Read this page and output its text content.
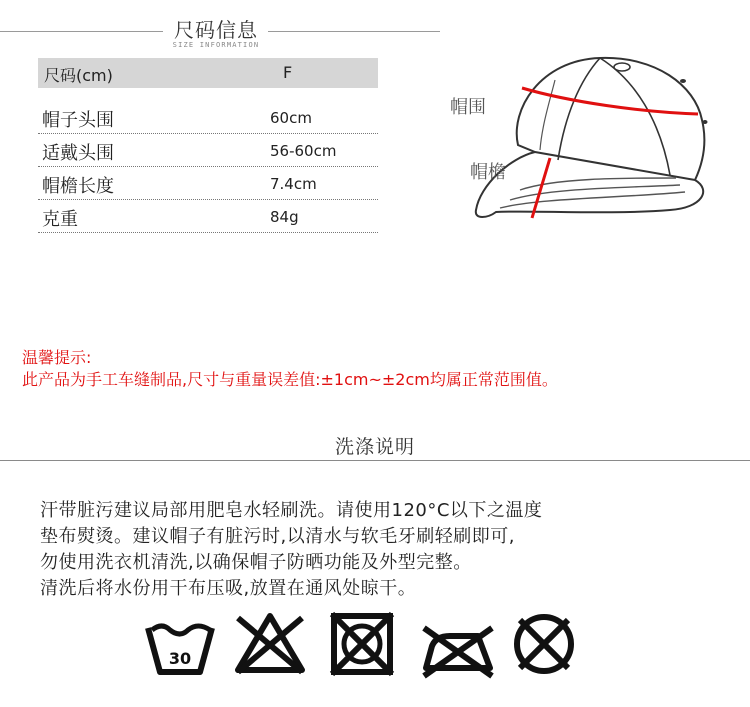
尺码信息
SIZE INFORMATION
尺码(cm)	F
帽子头围	60cm
适戴头围	56-60cm
帽檐长度	7.4cm
克重	84g
帽围
帽檐
温馨提示:
此产品为手工车缝制品,尺寸与重量误差值:±1cm~±2cm均属正常范围值。
洗涤说明
汗带脏污建议局部用肥皂水轻刷洗。请使用120°C以下之温度
垫布熨烫。建议帽子有脏污时,以清水与软毛牙刷轻刷即可,
勿使用洗衣机清洗,以确保帽子防晒功能及外型完整。
清洗后将水份用干布压吸,放置在通风处晾干。
30
